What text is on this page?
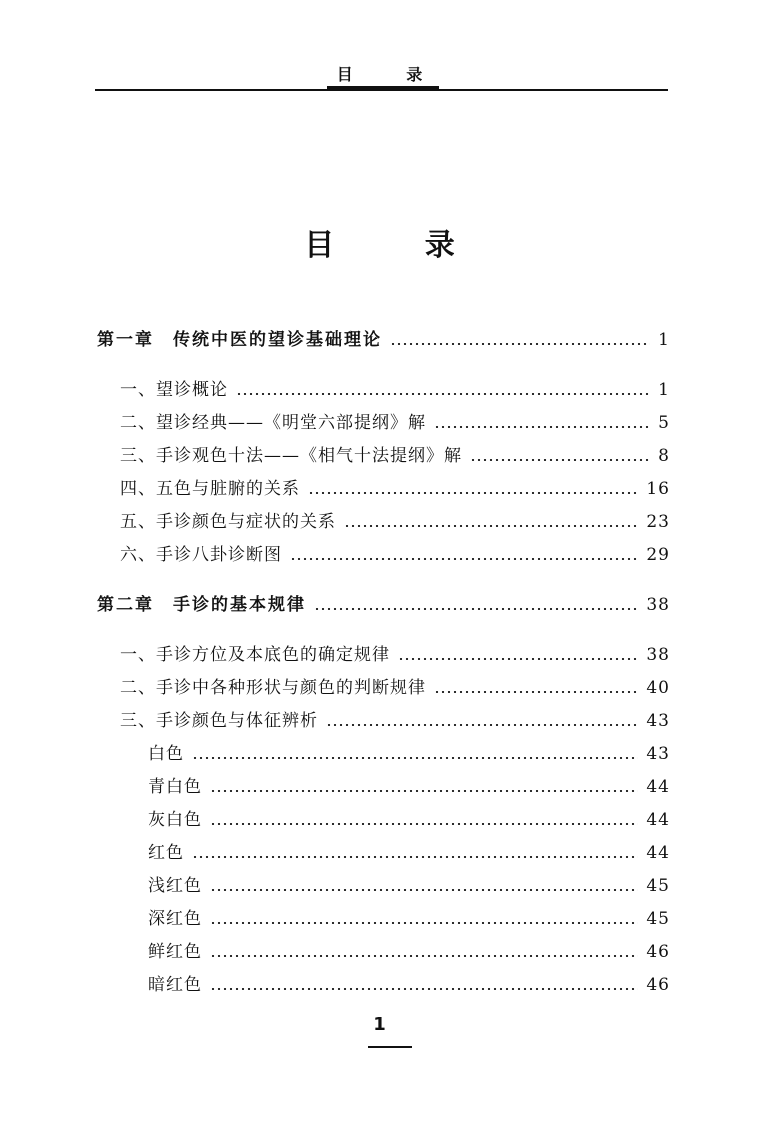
目 录
目 录
第一章　传统中医的望诊基础理论	1
一、望诊概论	1
二、望诊经典——《明堂六部提纲》解	5
三、手诊观色十法——《相气十法提纲》解	8
四、五色与脏腑的关系	16
五、手诊颜色与症状的关系	23
六、手诊八卦诊断图	29
第二章　手诊的基本规律	38
一、手诊方位及本底色的确定规律	38
二、手诊中各种形状与颜色的判断规律	40
三、手诊颜色与体征辨析	43
白色	43
青白色	44
灰白色	44
红色	44
浅红色	45
深红色	45
鲜红色	46
暗红色	46
1
